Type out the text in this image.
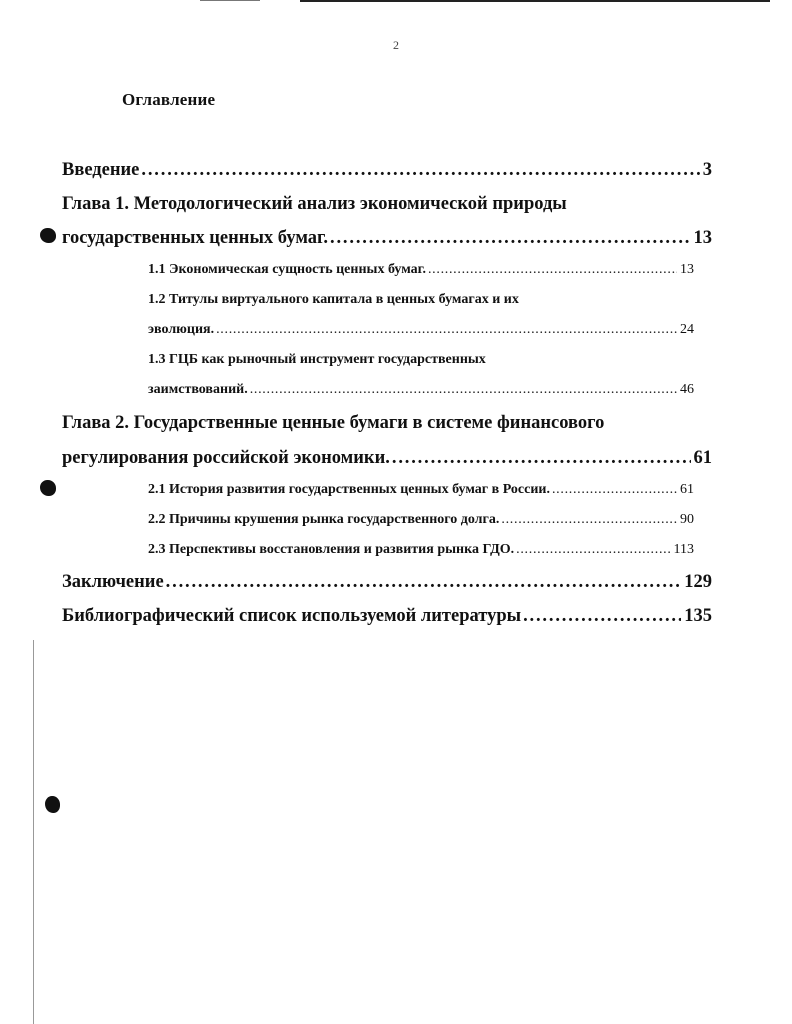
2
Оглавление
Введение . . .	3
Глава 1. Методологический анализ экономической природы
государственных ценных бумаг. . . .	13
1.1 Экономическая сущность ценных бумаг. . . .	13
1.2 Титулы виртуального капитала в ценных бумагах и их
эволюция. . . .	24
1.3 ГЦБ как рыночный инструмент государственных
заимствований. . . .	46
Глава 2. Государственные ценные бумаги в системе финансового
регулирования российской экономики. . . .	61
2.1 История развития государственных ценных бумаг в России. . . .	61
2.2 Причины крушения рынка государственного долга. . . .	90
2.3 Перспективы восстановления и развития рынка ГДО. . . .	113
Заключение . . .	129
Библиографический список используемой литературы . . .	135
